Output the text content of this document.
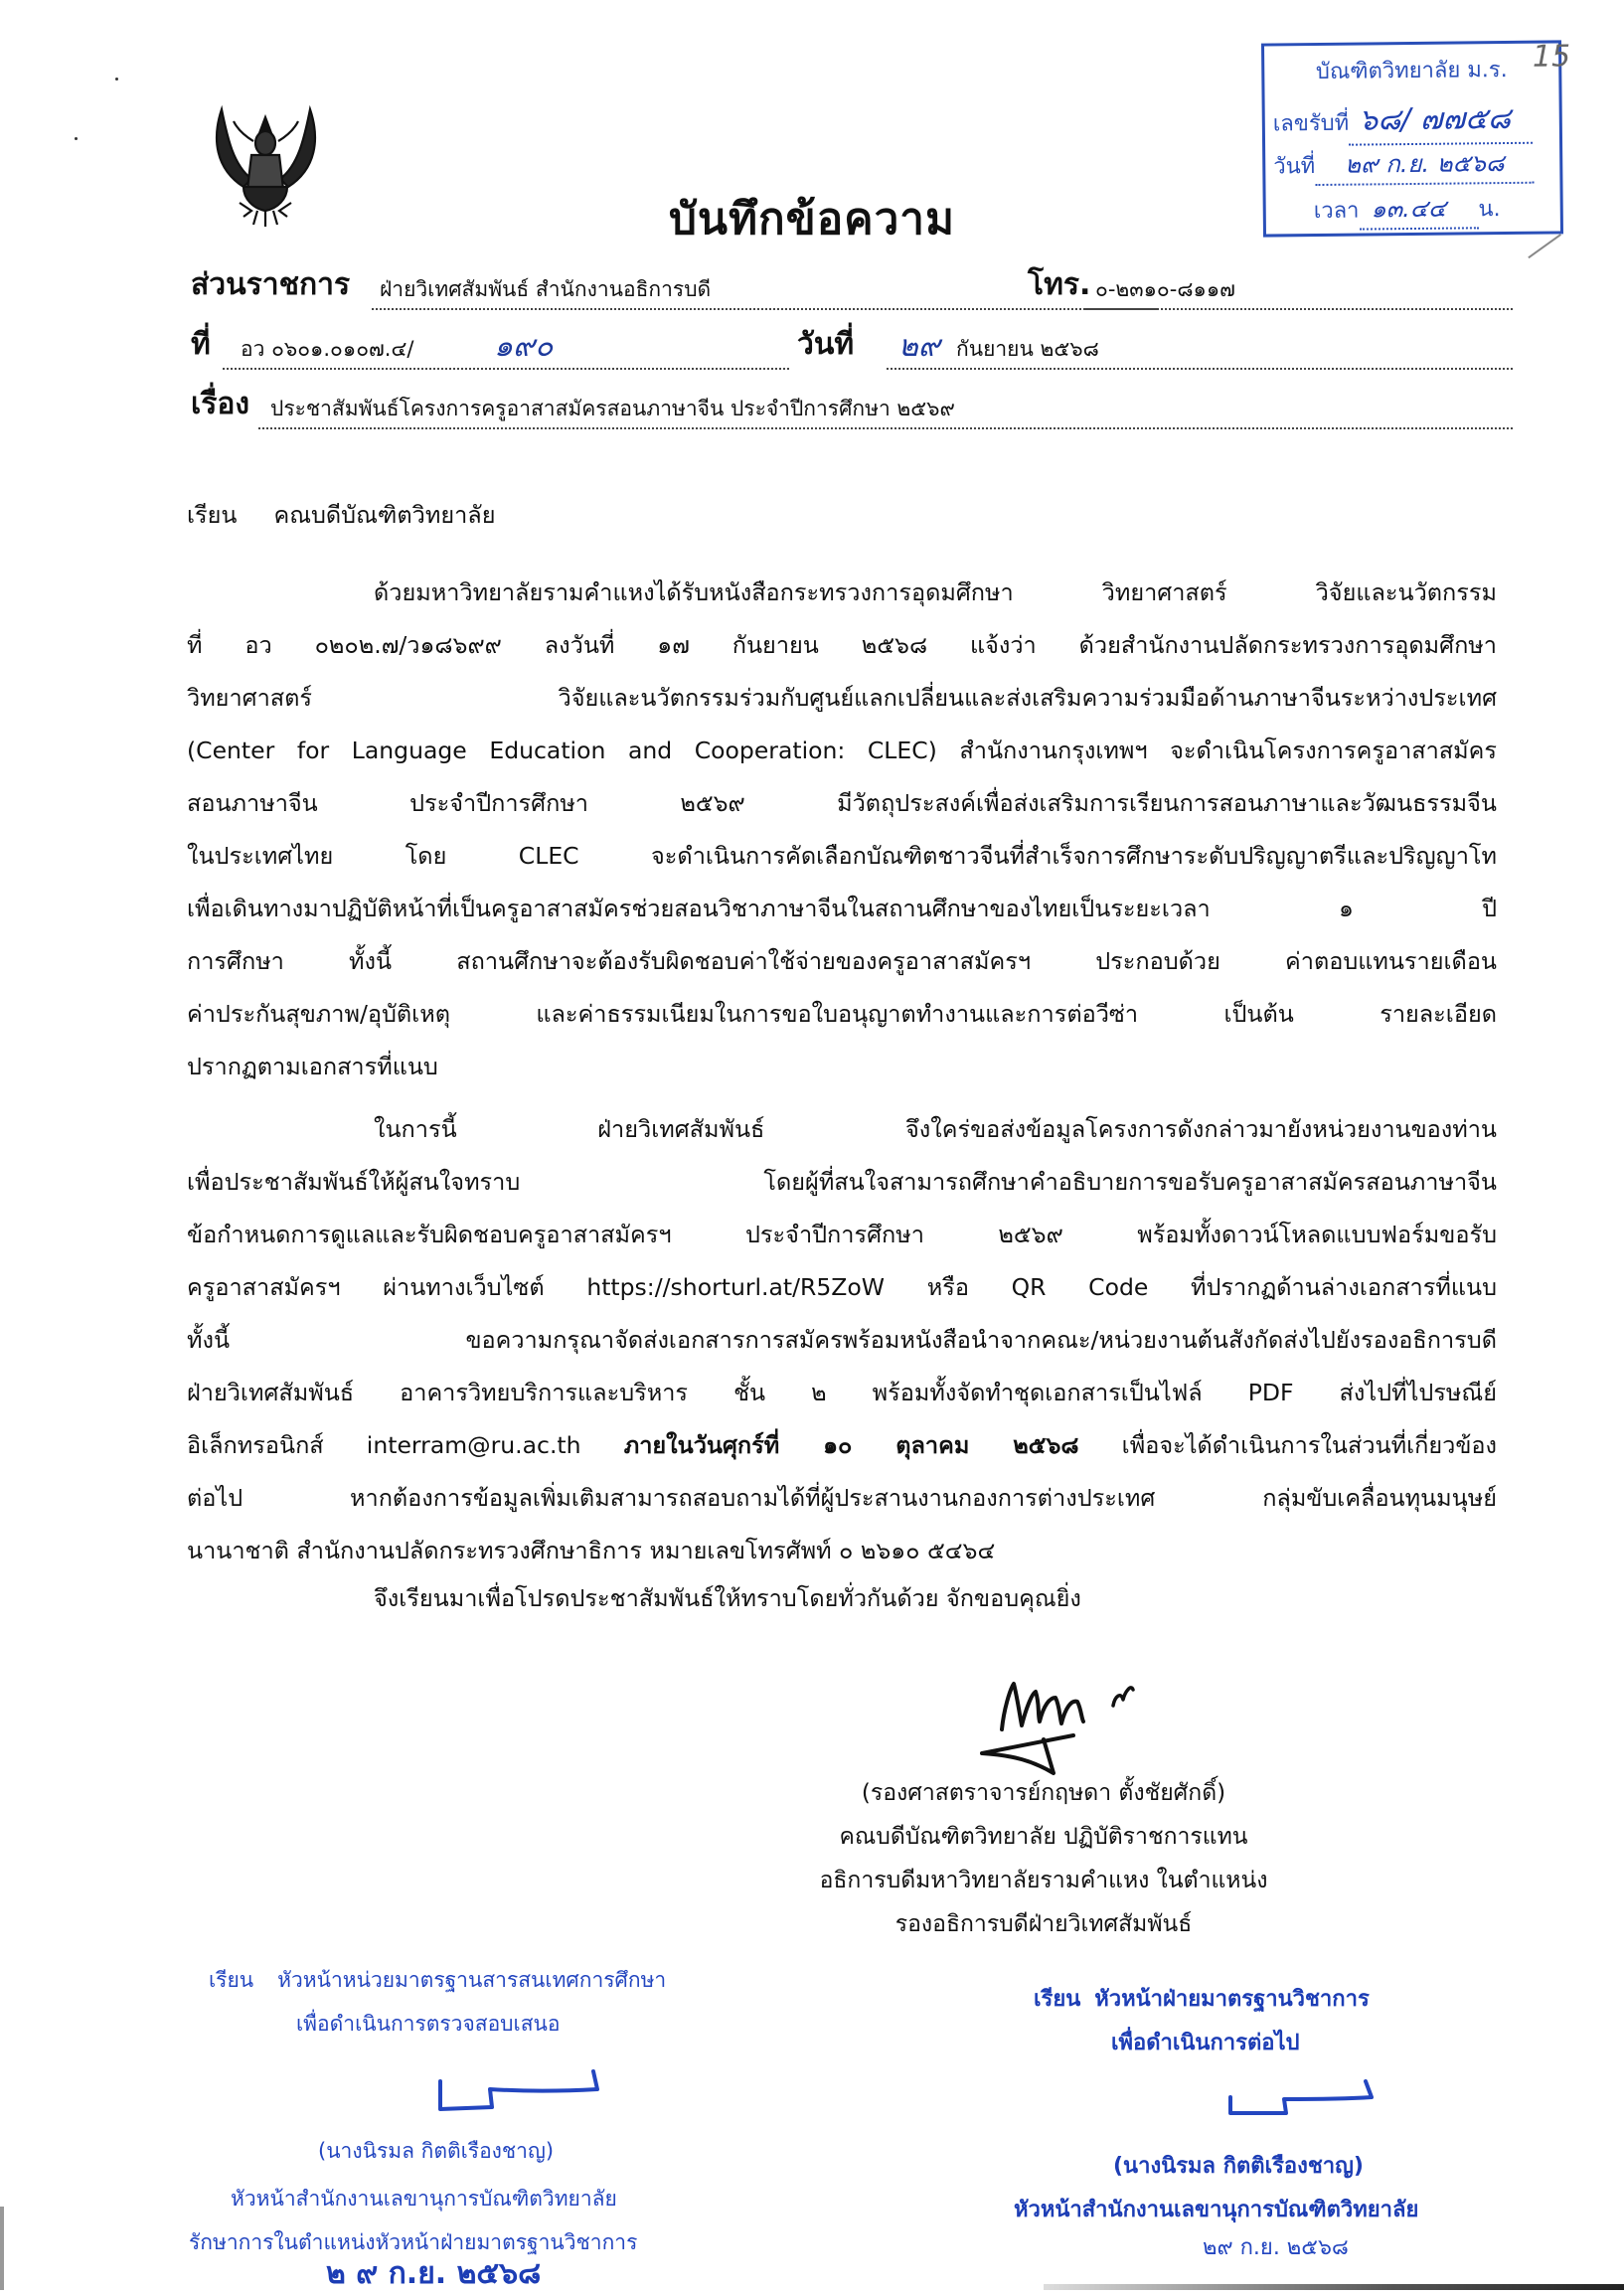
บันทึกข้อความ
บัณฑิตวิทยาลัย ม.ร.
เลขรับที่ ๖๘/ ๗๗๕๘
วันที่ ๒๙ ก.ย. ๒๕๖๘
เวลา ๑๓.๔๔ น.
15
ส่วนราชการ ฝ่ายวิเทศสัมพันธ์ สำนักงานอธิการบดี	โทร. ๐-๒๓๑๐-๘๑๑๗
ที่ อว ๐๖๐๑.๐๑๐๗.๔/	๑๙๐	วันที่ ๒๙ กันยายน ๒๕๖๘
เรื่อง ประชาสัมพันธ์โครงการครูอาสาสมัครสอนภาษาจีน ประจำปีการศึกษา ๒๕๖๙
เรียน คณบดีบัณฑิตวิทยาลัย
ด้วยมหาวิทยาลัยรามคำแหงได้รับหนังสือกระทรวงการอุดมศึกษา วิทยาศาสตร์ วิจัยและนวัตกรรม
ที่ อว ๐๒๐๒.๗/ว๑๘๖๙๙ ลงวันที่ ๑๗ กันยายน ๒๕๖๘ แจ้งว่า ด้วยสำนักงานปลัดกระทรวงการอุดมศึกษา
วิทยาศาสตร์ วิจัยและนวัตกรรมร่วมกับศูนย์แลกเปลี่ยนและส่งเสริมความร่วมมือด้านภาษาจีนระหว่างประเทศ
(Center for Language Education and Cooperation: CLEC) สำนักงานกรุงเทพฯ จะดำเนินโครงการครูอาสาสมัคร
สอนภาษาจีน ประจำปีการศึกษา ๒๕๖๙ มีวัตถุประสงค์เพื่อส่งเสริมการเรียนการสอนภาษาและวัฒนธรรมจีน
ในประเทศไทย โดย CLEC จะดำเนินการคัดเลือกบัณฑิตชาวจีนที่สำเร็จการศึกษาระดับปริญญาตรีและปริญญาโท
เพื่อเดินทางมาปฏิบัติหน้าที่เป็นครูอาสาสมัครช่วยสอนวิชาภาษาจีนในสถานศึกษาของไทยเป็นระยะเวลา ๑ ปี
การศึกษา ทั้งนี้ สถานศึกษาจะต้องรับผิดชอบค่าใช้จ่ายของครูอาสาสมัครฯ ประกอบด้วย ค่าตอบแทนรายเดือน
ค่าประกันสุขภาพ/อุบัติเหตุ และค่าธรรมเนียมในการขอใบอนุญาตทำงานและการต่อวีซ่า เป็นต้น รายละเอียด
ปรากฏตามเอกสารที่แนบ
ในการนี้ ฝ่ายวิเทศสัมพันธ์ จึงใคร่ขอส่งข้อมูลโครงการดังกล่าวมายังหน่วยงานของท่าน
เพื่อประชาสัมพันธ์ให้ผู้สนใจทราบ โดยผู้ที่สนใจสามารถศึกษาคำอธิบายการขอรับครูอาสาสมัครสอนภาษาจีน
ข้อกำหนดการดูแลและรับผิดชอบครูอาสาสมัครฯ ประจำปีการศึกษา ๒๕๖๙ พร้อมทั้งดาวน์โหลดแบบฟอร์มขอรับ
ครูอาสาสมัครฯ ผ่านทางเว็บไซต์ https://shorturl.at/R5ZoW หรือ QR Code ที่ปรากฏด้านล่างเอกสารที่แนบ
ทั้งนี้ ขอความกรุณาจัดส่งเอกสารการสมัครพร้อมหนังสือนำจากคณะ/หน่วยงานต้นสังกัดส่งไปยังรองอธิการบดี
ฝ่ายวิเทศสัมพันธ์ อาคารวิทยบริการและบริหาร ชั้น ๒ พร้อมทั้งจัดทำชุดเอกสารเป็นไฟล์ PDF ส่งไปที่ไปรษณีย์
อิเล็กทรอนิกส์ interram@ru.ac.th ภายในวันศุกร์ที่ ๑๐ ตุลาคม ๒๕๖๘ เพื่อจะได้ดำเนินการในส่วนที่เกี่ยวข้อง
ต่อไป หากต้องการข้อมูลเพิ่มเติมสามารถสอบถามได้ที่ผู้ประสานงานกองการต่างประเทศ กลุ่มขับเคลื่อนทุนมนุษย์
นานาชาติ สำนักงานปลัดกระทรวงศึกษาธิการ หมายเลขโทรศัพท์ ๐ ๒๖๑๐ ๕๔๖๔
จึงเรียนมาเพื่อโปรดประชาสัมพันธ์ให้ทราบโดยทั่วกันด้วย จักขอบคุณยิ่ง
(รองศาสตราจารย์กฤษดา ตั้งชัยศักดิ์)
คณบดีบัณฑิตวิทยาลัย ปฏิบัติราชการแทน
อธิการบดีมหาวิทยาลัยรามคำแหง ในตำแหน่ง
รองอธิการบดีฝ่ายวิเทศสัมพันธ์
เรียน หัวหน้าหน่วยมาตรฐานสารสนเทศการศึกษา
เพื่อดำเนินการตรวจสอบเสนอ
(นางนิรมล กิตติเรืองชาญ)
หัวหน้าสำนักงานเลขานุการบัณฑิตวิทยาลัย
รักษาการในตำแหน่งหัวหน้าฝ่ายมาตรฐานวิชาการ
๒ ๙ ก.ย. ๒๕๖๘
เรียน หัวหน้าฝ่ายมาตรฐานวิชาการ
เพื่อดำเนินการต่อไป
(นางนิรมล กิตติเรืองชาญ)
หัวหน้าสำนักงานเลขานุการบัณฑิตวิทยาลัย
๒๙ ก.ย. ๒๕๖๘
